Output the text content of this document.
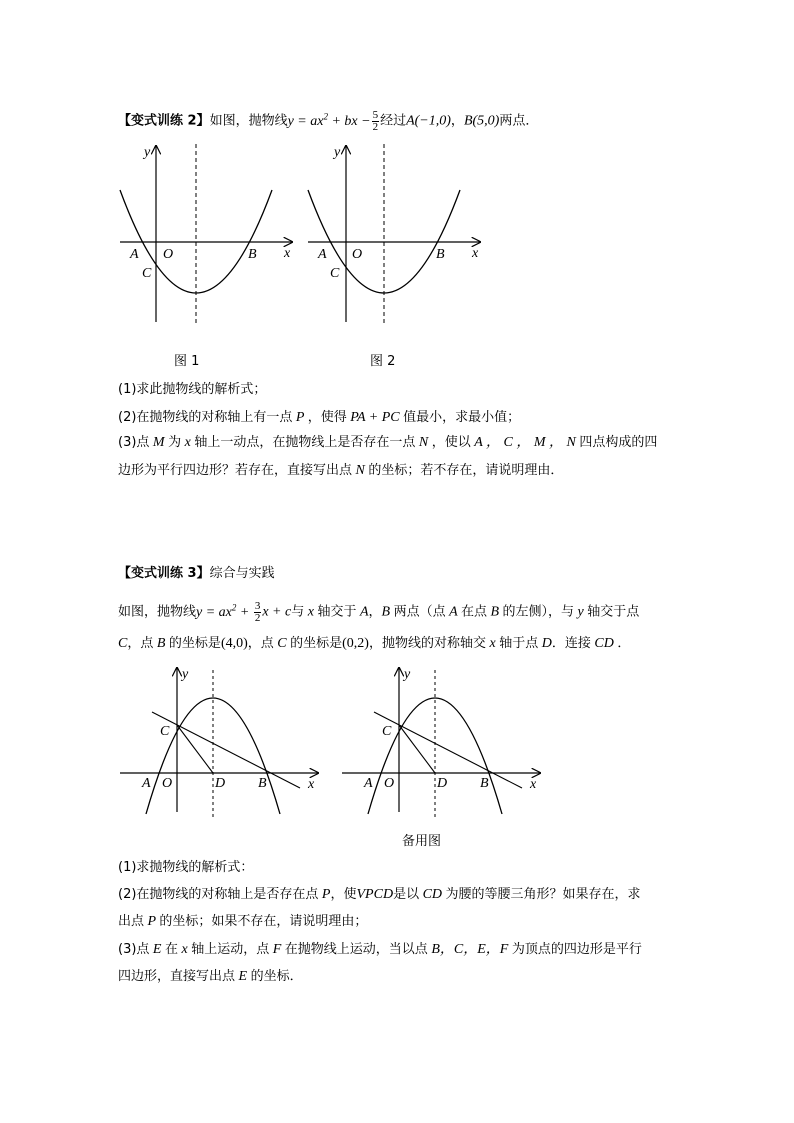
【变式训练 2】如图，抛物线$y = ax^2$ + bx − $\frac{5}{2}$ 经过A(−1,0)，B(5,0)两点．
y
x
A O	B
C
y
x
A O	B
C
图 1	图 2
(1)求此抛物线的解析式；
(2)在抛物线的对称轴上有一点 P ，使得 PA + PC 值最小，求最小值；
(3)点 M 为 x 轴上一动点，在抛物线上是否存在一点 N ，使以 A ， C ， M ， N 四点构成的四
边形为平行四边形？若存在，直接写出点 N 的坐标；若不存在，请说明理由．
【变式训练 3】综合与实践
如图，抛物线$y = ax^2 + \frac{3}{2}$ x + c与 x 轴交于 A，B 两点（点 A 在点 B 的左侧），与 y 轴交于点
C，点 B 的坐标是(4,0)，点 C 的坐标是(0,2)，抛物线的对称轴交 x 轴于点 D．连接 CD ．
y
x
A O	D B
C
y
x
A O	D B
C
备用图
(1)求抛物线的解析式：
(2)在抛物线的对称轴上是否存在点 P，使VPCD是以 CD 为腰的等腰三角形？如果存在，求
出点 P 的坐标；如果不存在，请说明理由；
(3)点 E 在 x 轴上运动，点 F 在抛物线上运动，当以点 B，C，E，F 为顶点的四边形是平行
四边形，直接写出点 E 的坐标．
